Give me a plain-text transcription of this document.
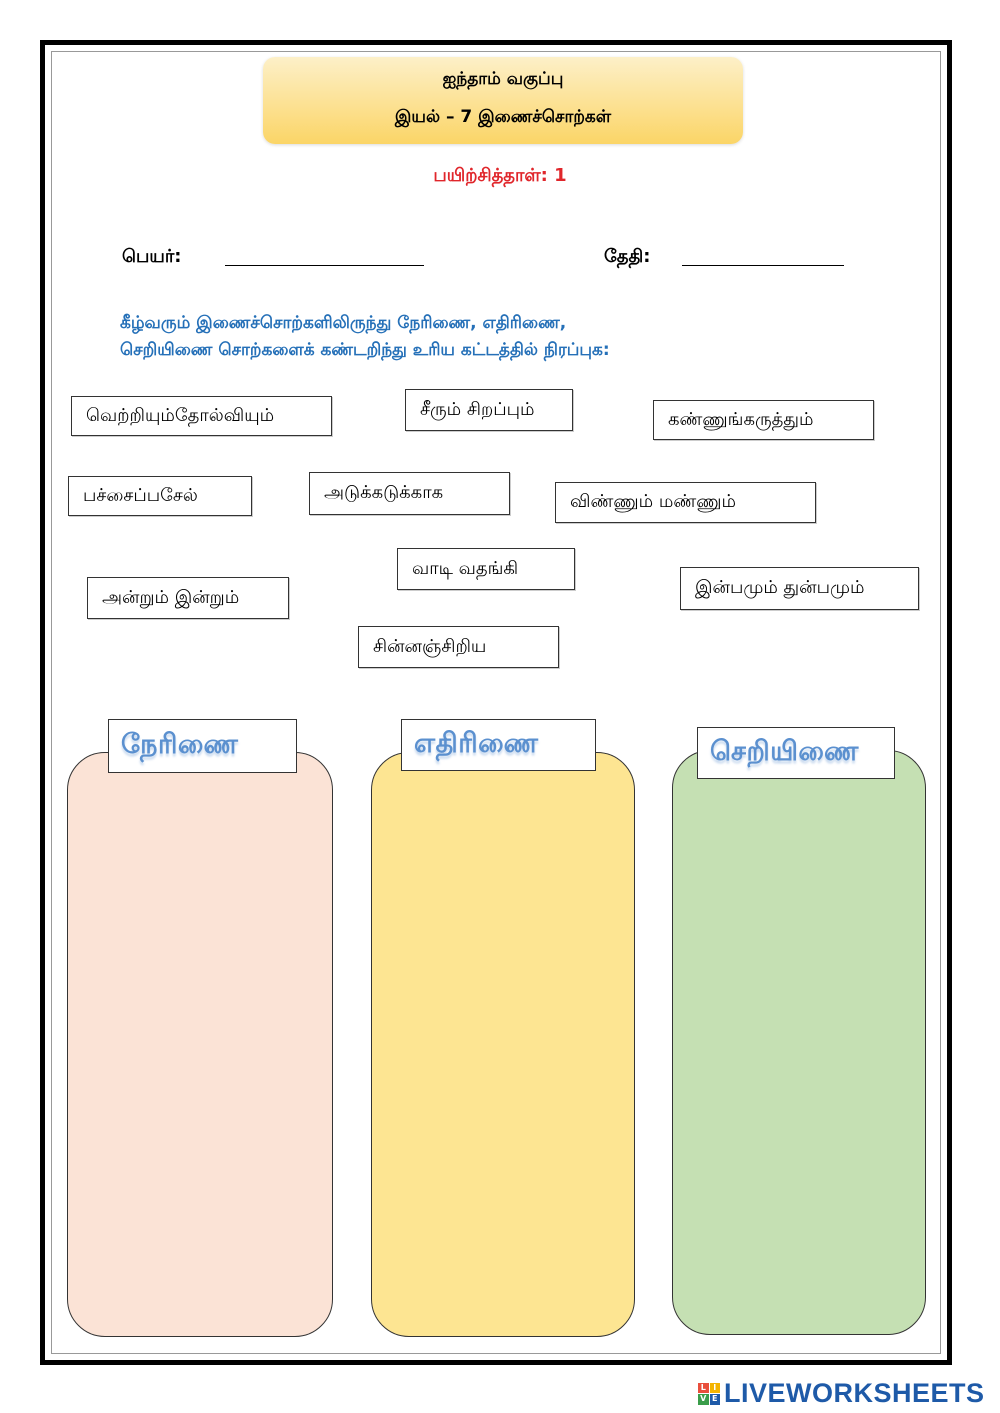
ஐந்தாம் வகுப்பு
இயல் – 7 இணைச்சொற்கள்
பயிற்சித்தாள்: 1
பெயர்:	தேதி:
கீழ்வரும் இணைச்சொற்களிலிருந்து நேரிணை, எதிரிணை,
செறியிணை சொற்களைக் கண்டறிந்து உரிய கட்டத்தில் நிரப்புக:
வெற்றியும்தோல்வியும்	சீரும் சிறப்பும்	கண்ணுங்கருத்தும்
பச்சைப்பசேல்	அடுக்கடுக்காக	விண்ணும் மண்ணும்
வாடி வதங்கி
அன்றும் இன்றும்	இன்பமும் துன்பமும்
சின்னஞ்சிறிய
நேரிணை	எதிரிணை	செறியிணை
L I
V E LIVEWORKSHEETS
